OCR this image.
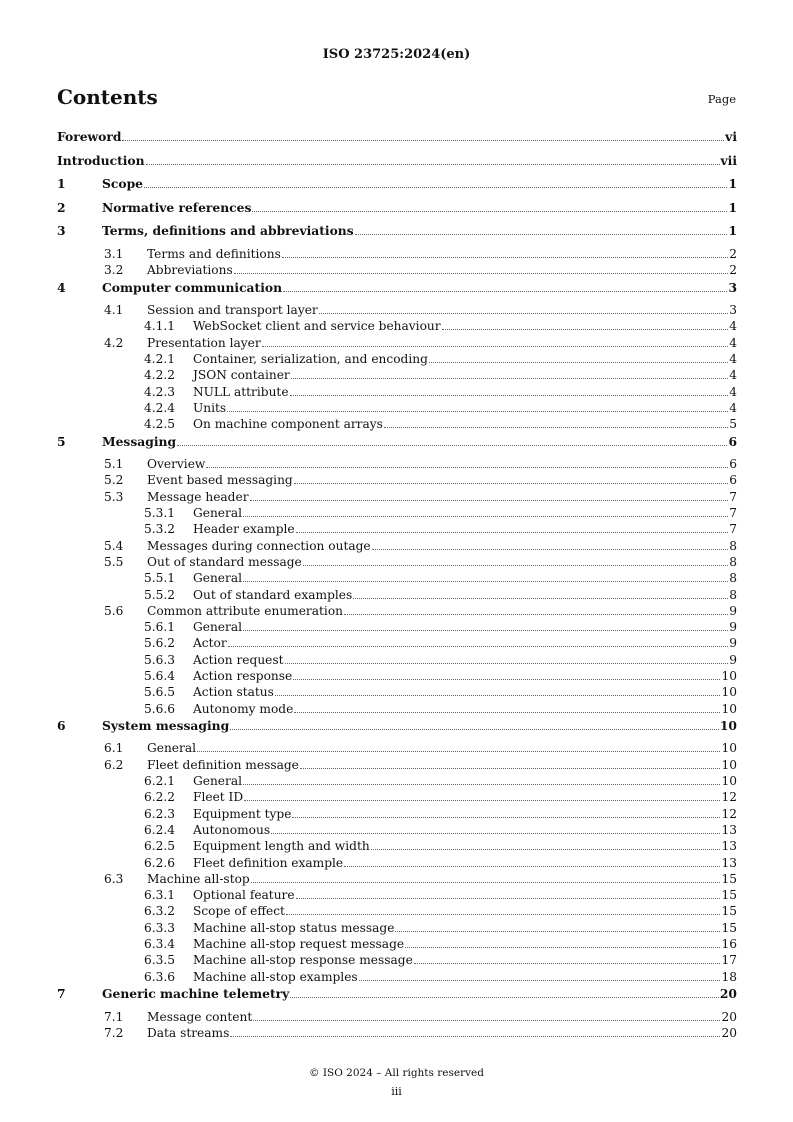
ISO 23725:2024(en)
Contents	Page
Foreword	vi
Introduction	vii
1	Scope	1
2	Normative references	1
3	Terms, definitions and abbreviations	1
3.1 Terms and definitions	2
3.2 Abbreviations	2
4	Computer communication	3
4.1 Session and transport layer	3
4.1.1 WebSocket client and service behaviour	4
4.2 Presentation layer	4
4.2.1 Container, serialization, and encoding	4
4.2.2 JSON container	4
4.2.3 NULL attribute	4
4.2.4 Units	4
4.2.5 On machine component arrays	5
5	Messaging	6
5.1 Overview	6
5.2 Event based messaging	6
5.3 Message header	7
5.3.1 General	7
5.3.2 Header example	7
5.4 Messages during connection outage	8
5.5 Out of standard message	8
5.5.1 General	8
5.5.2 Out of standard examples	8
5.6 Common attribute enumeration	9
5.6.1 General	9
5.6.2 Actor	9
5.6.3 Action request	9
5.6.4 Action response	10
5.6.5 Action status	10
5.6.6 Autonomy mode	10
6	System messaging	10
6.1 General	10
6.2 Fleet definition message	10
6.2.1 General	10
6.2.2 Fleet ID	12
6.2.3 Equipment type	12
6.2.4 Autonomous	13
6.2.5 Equipment length and width	13
6.2.6 Fleet definition example	13
6.3 Machine all-stop	15
6.3.1 Optional feature	15
6.3.2 Scope of effect	15
6.3.3 Machine all-stop status message	15
6.3.4 Machine all-stop request message	16
6.3.5 Machine all-stop response message	17
6.3.6 Machine all-stop examples	18
7	Generic machine telemetry	20
7.1 Message content	20
7.2 Data streams	20
© ISO 2024 – All rights reserved
iii
